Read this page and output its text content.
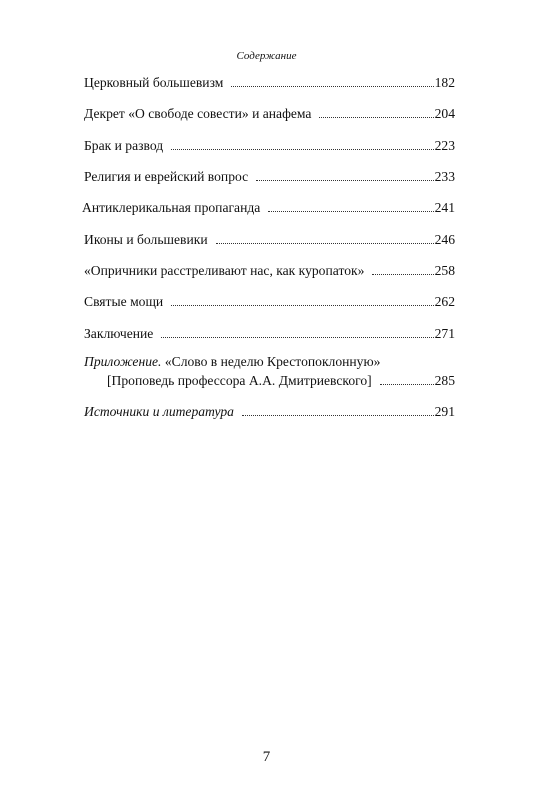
Содержание
Церковный большевизм	182
Декрет «О свободе совести» и анафема	204
Брак и развод	223
Религия и еврейский вопрос	233
Антиклерикальная пропаганда	241
Иконы и большевики	246
«Опричники расстреливают нас, как куропаток»	258
Святые мощи	262
Заключение	271
Приложение. «Слово в неделю Крестопоклонную»
[Проповедь профессора А.А. Дмитриевского]	285
Источники и литература	291
7
